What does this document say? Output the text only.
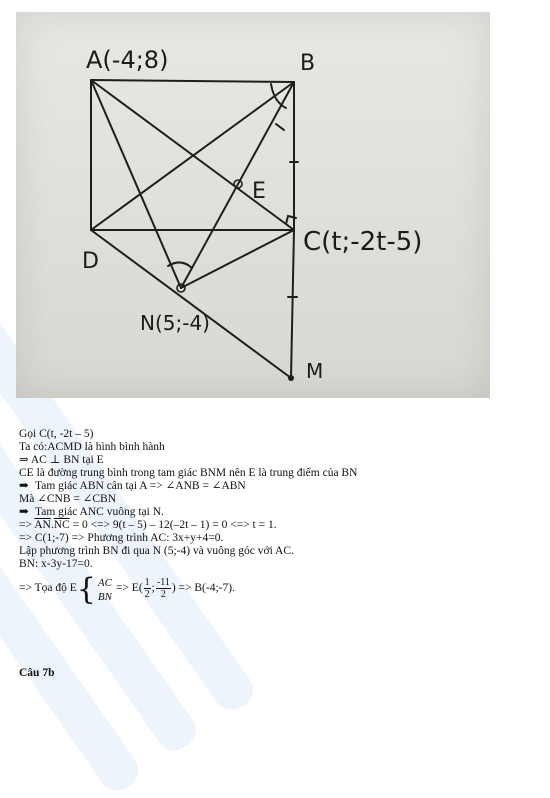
A(-4;8)	B
C(t;-2t-5)
D
E
N(5;-4)
M
Gọi C(t, -2t – 5)
Ta có:ACMD là hình bình hành
⇒ AC ⊥ BN tại E
CE là đường trung bình trong tam giác BNM nên E là trung điểm của BN
➡ Tam giác ABN cân tại A => ∠ANB = ∠ABN
Mà ∠CNB = ∠CBN
➡ Tam giác ANC vuông tại N.
=> $\overline{AN}.\overline{NC} = 0$ <=> 9(t – 5) – 12(–2t – 1) = 0 <=> t = 1.
=> C(1;-7) => Phương trình AC: 3x+y+4=0.
Lập phương trình BN đi qua N (5;-4) và vuông góc với AC.
BN: x-3y-17=0.
=> Tọa độ E { AC
BN
=> $E( \frac{1}{2}$ ; $\frac{-11}{2}$ ) => B(-4;-7).
Câu 7b
